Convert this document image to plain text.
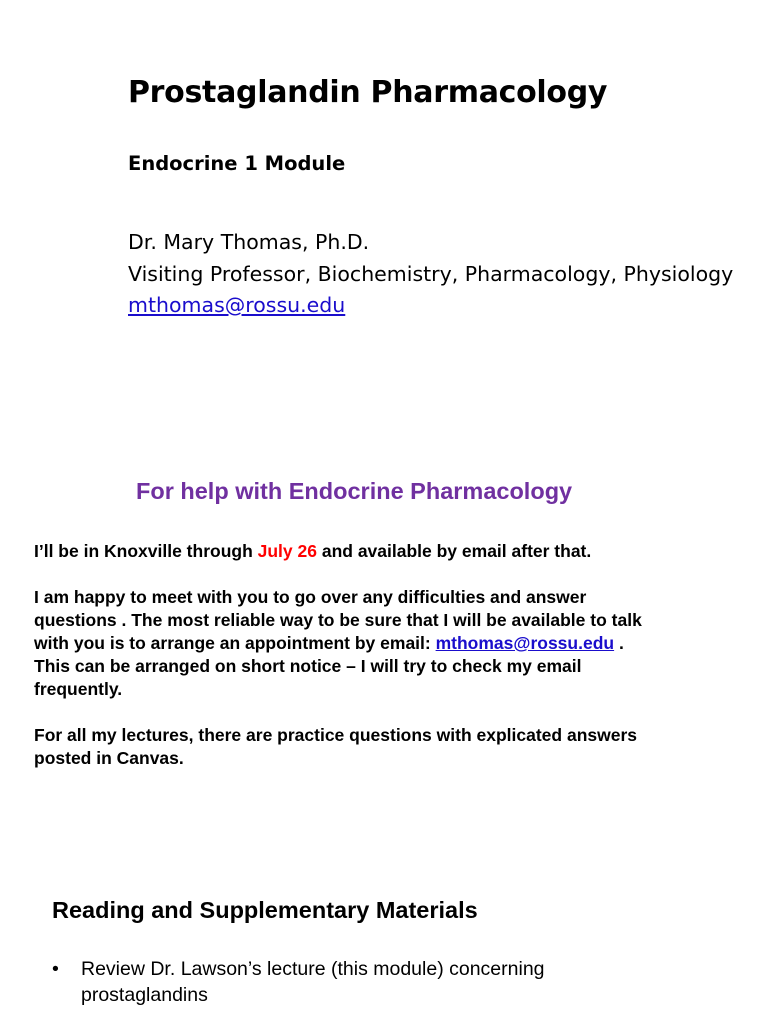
Prostaglandin Pharmacology
Endocrine 1 Module
Dr. Mary Thomas, Ph.D.
Visiting Professor, Biochemistry, Pharmacology, Physiology
mthomas@rossu.edu
For help with Endocrine Pharmacology

I’ll be in Knoxville through July 26 and available by email after that.

I am happy to meet with you to go over any difficulties and answer
questions . The most reliable way to be sure that I will be available to talk
with you is to arrange an appointment by email: mthomas@rossu.edu .
This can be arranged on short notice – I will try to check my email
frequently.

For all my lectures, there are practice questions with explicated answers
posted in Canvas.

Reading and Supplementary Materials
• Review Dr. Lawson’s lecture (this module) concerning
prostaglandins
